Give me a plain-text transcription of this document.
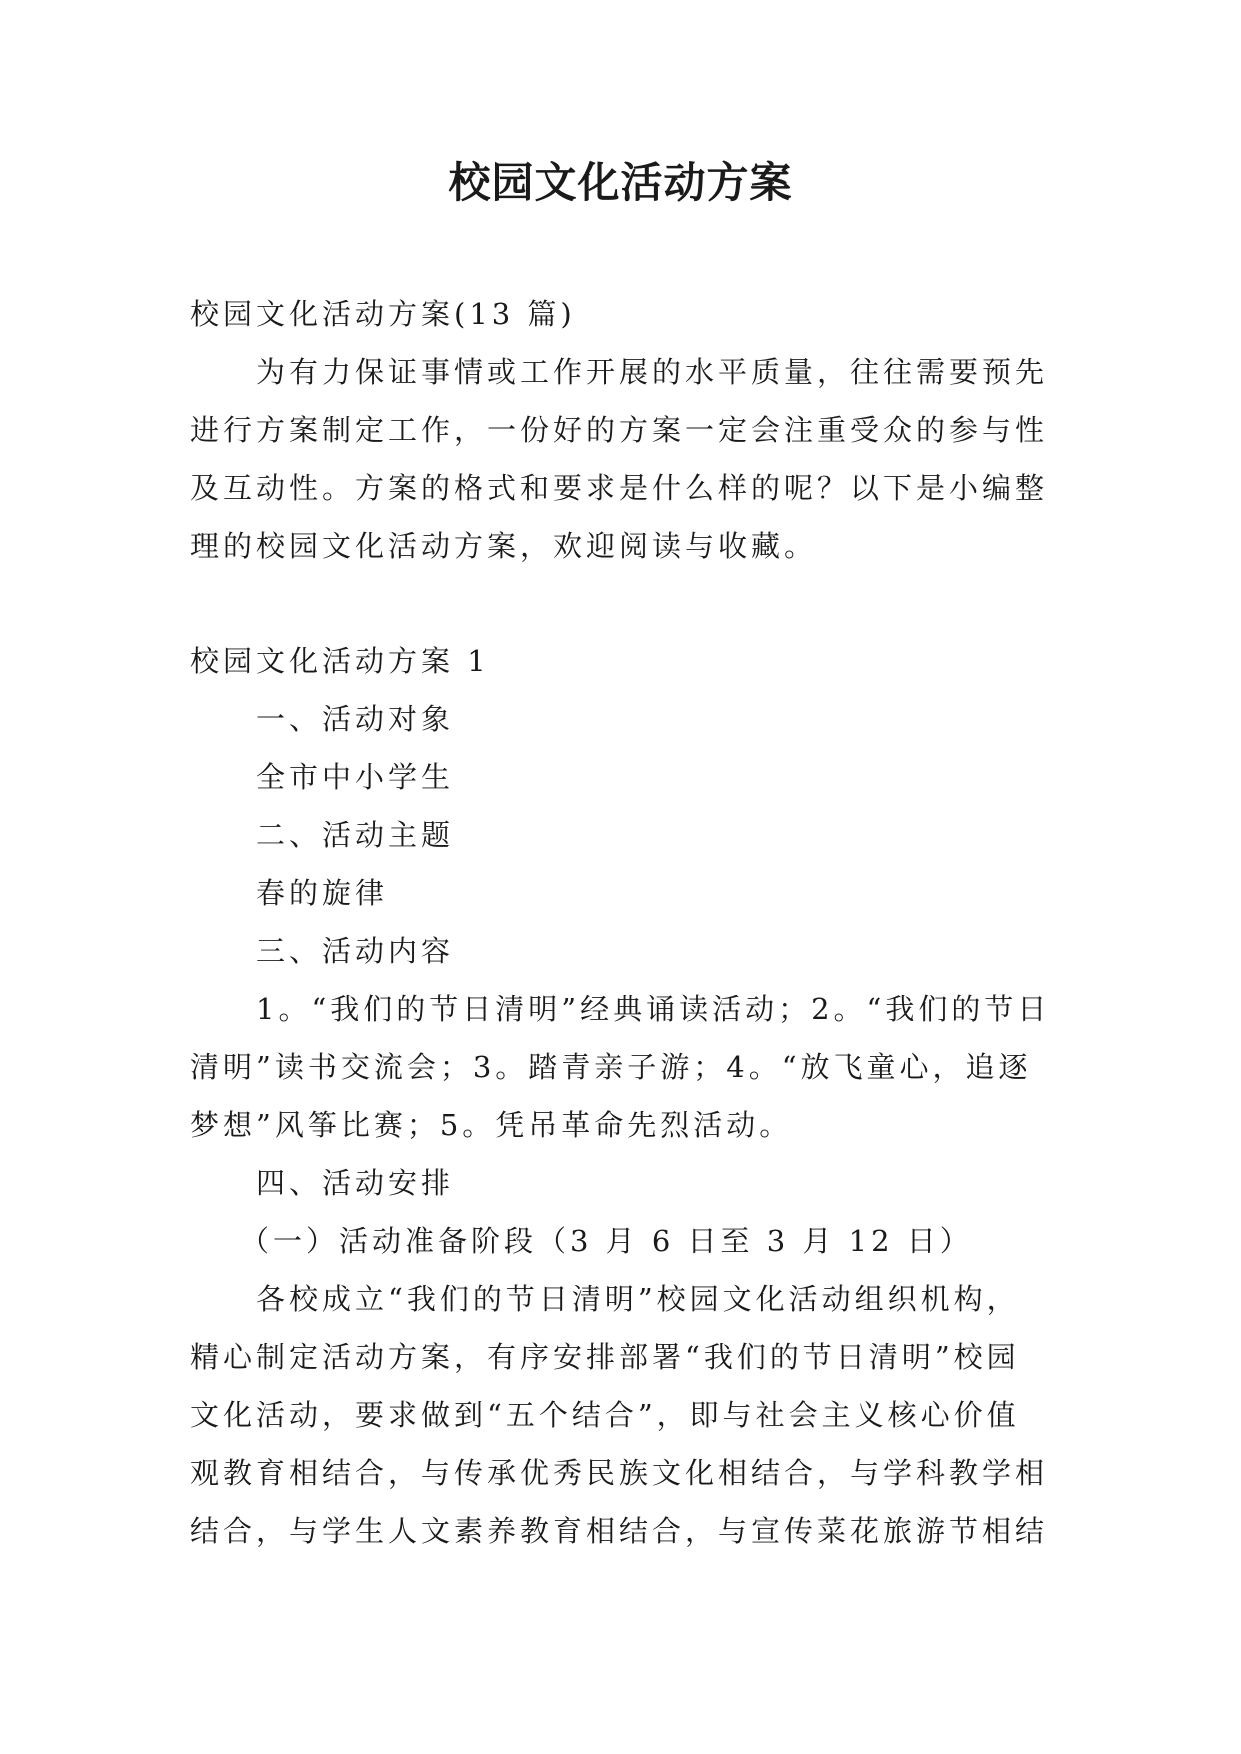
校园文化活动方案
校园文化活动方案(13 篇)
为有力保证事情或工作开展的水平质量，往往需要预先
进行方案制定工作，一份好的方案一定会注重受众的参与性
及互动性。方案的格式和要求是什么样的呢？以下是小编整
理的校园文化活动方案，欢迎阅读与收藏。
校园文化活动方案 1
一、活动对象
全市中小学生
二、活动主题
春的旋律
三、活动内容
1。“我们的节日清明”经典诵读活动；2。“我们的节日
清明”读书交流会；3。踏青亲子游；4。“放飞童心，追逐
梦想”风筝比赛；5。凭吊革命先烈活动。
四、活动安排
（一）活动准备阶段（3 月 6 日至 3 月 12 日）
各校成立“我们的节日清明”校园文化活动组织机构，
精心制定活动方案，有序安排部署“我们的节日清明”校园
文化活动，要求做到“五个结合”，即与社会主义核心价值
观教育相结合，与传承优秀民族文化相结合，与学科教学相
结合，与学生人文素养教育相结合，与宣传菜花旅游节相结
